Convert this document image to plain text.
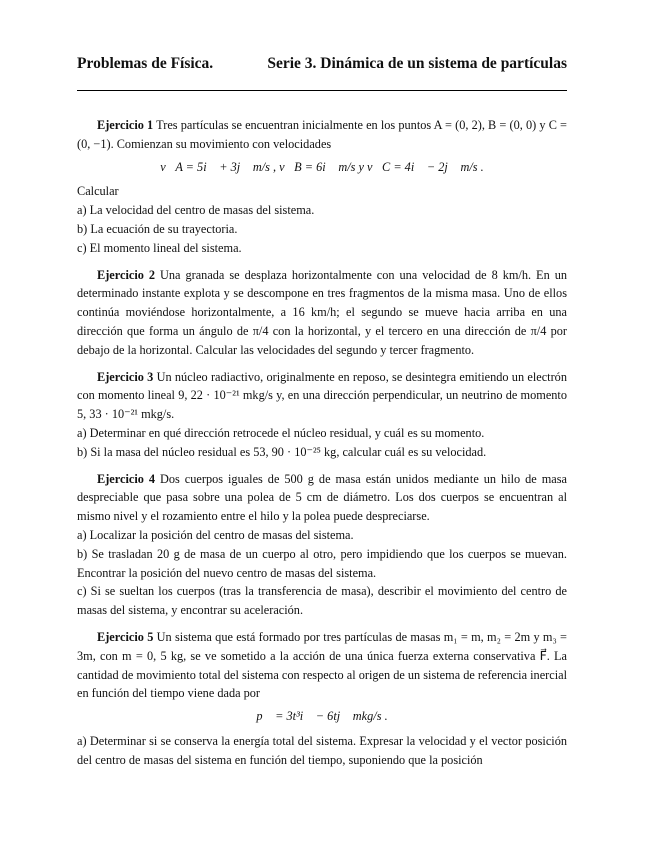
Problemas de Física.	Serie 3. Dinámica de un sistema de partículas

Ejercicio 1 Tres partículas se encuentran inicialmente en los puntos A = (0, 2), B = (0, 0) y C = (0, −1). Comienzan su movimiento con velocidades

v⃗A = 5i⃗ + 3j⃗ m/s , v⃗B = 6i⃗ m/s y v⃗C = 4i⃗ − 2j⃗ m/s .

Calcular

a) La velocidad del centro de masas del sistema.

b) La ecuación de su trayectoria.

c) El momento lineal del sistema.

Ejercicio 2 Una granada se desplaza horizontalmente con una velocidad de 8 km/h. En un determinado instante explota y se descompone en tres fragmentos de la misma masa. Uno de ellos continúa moviéndose horizontalmente, a 16 km/h; el segundo se mueve hacia arriba en una dirección que forma un ángulo de π/4 con la horizontal, y el tercero en una dirección de π/4 por debajo de la horizontal. Calcular las velocidades del segundo y tercer fragmento.

Ejercicio 3 Un núcleo radiactivo, originalmente en reposo, se desintegra emitiendo un electrón con momento lineal 9, 22 · 10⁻²¹ mkg/s y, en una dirección perpendicular, un neutrino de momento 5, 33 · 10⁻²¹ mkg/s.

a) Determinar en qué dirección retrocede el núcleo residual, y cuál es su momento.

b) Si la masa del núcleo residual es 53, 90 · 10⁻²⁵ kg, calcular cuál es su velocidad.

Ejercicio 4 Dos cuerpos iguales de 500 g de masa están unidos mediante un hilo de masa despreciable que pasa sobre una polea de 5 cm de diámetro. Los dos cuerpos se encuentran al mismo nivel y el rozamiento entre el hilo y la polea puede despreciarse.

a) Localizar la posición del centro de masas del sistema.

b) Se trasladan 20 g de masa de un cuerpo al otro, pero impidiendo que los cuerpos se muevan. Encontrar la posición del nuevo centro de masas del sistema.

c) Si se sueltan los cuerpos (tras la transferencia de masa), describir el movimiento del centro de masas del sistema, y encontrar su aceleración.

Ejercicio 5 Un sistema que está formado por tres partículas de masas m₁ = m, m₂ = 2m y m₃ = 3m, con m = 0, 5 kg, se ve sometido a la acción de una única fuerza externa conservativa F⃗. La cantidad de movimiento total del sistema con respecto al origen de un sistema de referencia inercial en función del tiempo viene dada por

p⃗ = 3t³i⃗ − 6tj⃗ mkg/s .

a) Determinar si se conserva la energía total del sistema. Expresar la velocidad y el vector posición del centro de masas del sistema en función del tiempo, suponiendo que la posición
